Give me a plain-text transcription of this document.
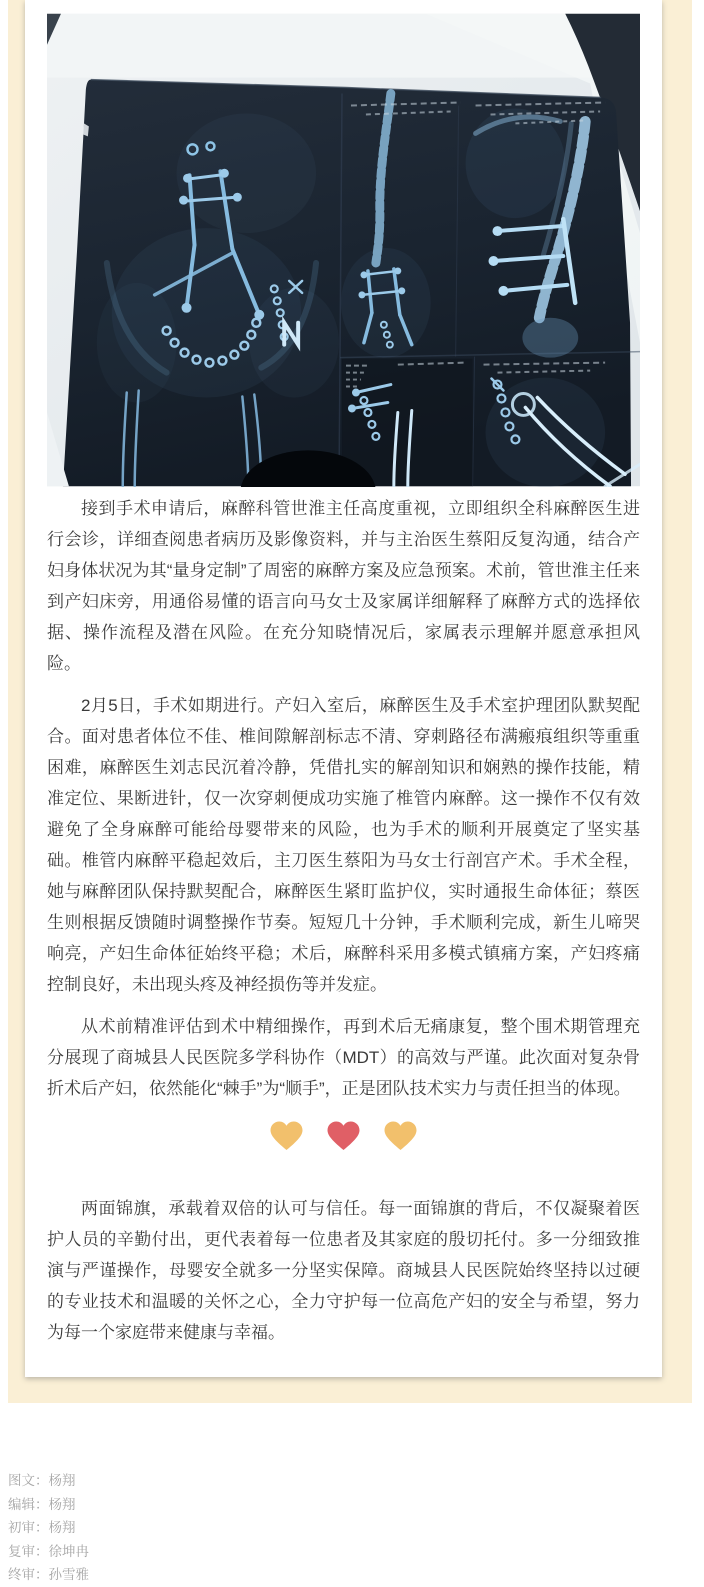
接到手术申请后，麻醉科管世淮主任高度重视，立即组织全科麻醉医生进行会诊，详细查阅患者病历及影像资料，并与主治医生蔡阳反复沟通，结合产妇身体状况为其“量身定制”了周密的麻醉方案及应急预案。术前，管世淮主任来到产妇床旁，用通俗易懂的语言向马女士及家属详细解释了麻醉方式的选择依据、操作流程及潜在风险。在充分知晓情况后，家属表示理解并愿意承担风险。

2月5日，手术如期进行。产妇入室后，麻醉医生及手术室护理团队默契配合。面对患者体位不佳、椎间隙解剖标志不清、穿刺路径布满瘢痕组织等重重困难，麻醉医生刘志民沉着冷静，凭借扎实的解剖知识和娴熟的操作技能，精准定位、果断进针，仅一次穿刺便成功实施了椎管内麻醉。这一操作不仅有效避免了全身麻醉可能给母婴带来的风险，也为手术的顺利开展奠定了坚实基础。椎管内麻醉平稳起效后，主刀医生蔡阳为马女士行剖宫产术。手术全程，她与麻醉团队保持默契配合，麻醉医生紧盯监护仪，实时通报生命体征；蔡医生则根据反馈随时调整操作节奏。短短几十分钟，手术顺利完成，新生儿啼哭响亮，产妇生命体征始终平稳；术后，麻醉科采用多模式镇痛方案，产妇疼痛控制良好，未出现头疼及神经损伤等并发症。

从术前精准评估到术中精细操作，再到术后无痛康复，整个围术期管理充分展现了商城县人民医院多学科协作（MDT）的高效与严谨。此次面对复杂骨折术后产妇，依然能化“棘手”为“顺手”，正是团队技术实力与责任担当的体现。

两面锦旗，承载着双倍的认可与信任。每一面锦旗的背后，不仅凝聚着医护人员的辛勤付出，更代表着每一位患者及其家庭的殷切托付。多一分细致推演与严谨操作，母婴安全就多一分坚实保障。商城县人民医院始终坚持以过硬的专业技术和温暖的关怀之心，全力守护每一位高危产妇的安全与希望，努力为每一个家庭带来健康与幸福。

图文：杨翔
编辑：杨翔
初审：杨翔
复审：徐坤冉
终审：孙雪雅
